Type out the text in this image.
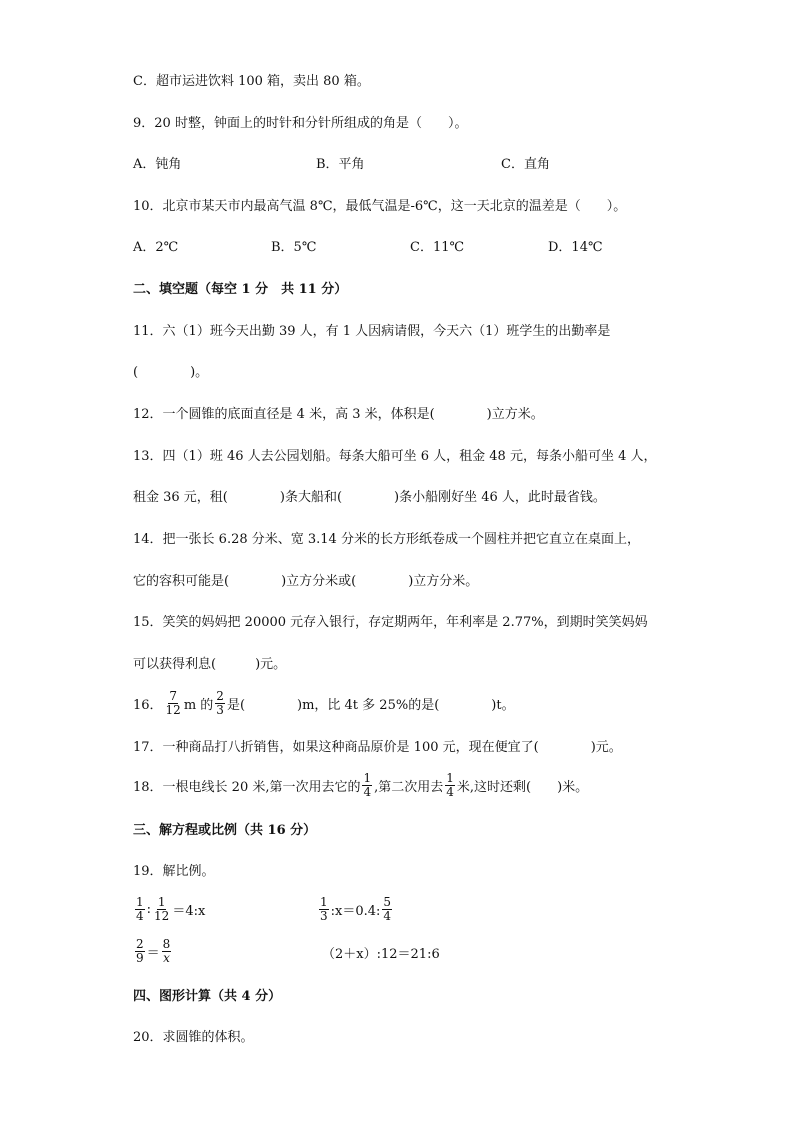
C．超市运进饮料 100 箱，卖出 80 箱。
9．20 时整，钟面上的时针和分针所组成的角是（　　）。
A．钝角	B．平角	C．直角
10．北京市某天市内最高气温 8℃，最低气温是-6℃，这一天北京的温差是（　　）。
A．2℃	B．5℃	C．11℃	D．14℃
二、填空题（每空 1 分　共 11 分）
11．六（1）班今天出勤 39 人，有 1 人因病请假，今天六（1）班学生的出勤率是
(　　　　)。
12．一个圆锥的底面直径是 4 米，高 3 米，体积是(　　　　)立方米。
13．四（1）班 46 人去公园划船。每条大船可坐 6 人，租金 48 元，每条小船可坐 4 人，
租金 36 元，租(　　　　)条大船和(　　　　)条小船刚好坐 46 人，此时最省钱。
14．把一张长 6.28 分米、宽 3.14 分米的长方形纸卷成一个圆柱并把它直立在桌面上，
它的容积可能是(　　　　)立方分米或(　　　　)立方分米。
15．笑笑的妈妈把 20000 元存入银行，存定期两年，年利率是 2.77%，到期时笑笑妈妈
可以获得利息(　　　)元。
16． $\frac{7}{12}$ m 的 $\frac{2}{3}$ 是(　　　　)m，比 4t 多 25%的是(　　　　)t。
17．一种商品打八折销售，如果这种商品原价是 100 元，现在便宜了(　　　　)元。
18．一根电线长 20 米,第一次用去它的 $\frac{1}{4}$ ,第二次用去 $\frac{1}{4}$ 米,这时还剩(　　)米。
三、解方程或比例（共 16 分）
19．解比例。
$\frac{1}{4}$ : $\frac{1}{12}$ ＝4:x	$\frac{1}{3}$ :x＝0.4: $\frac{5}{4}$
$\frac{2}{9} = \frac{8}{x}$	（2＋x）:12＝21:6
四、图形计算（共 4 分）
20．求圆锥的体积。
